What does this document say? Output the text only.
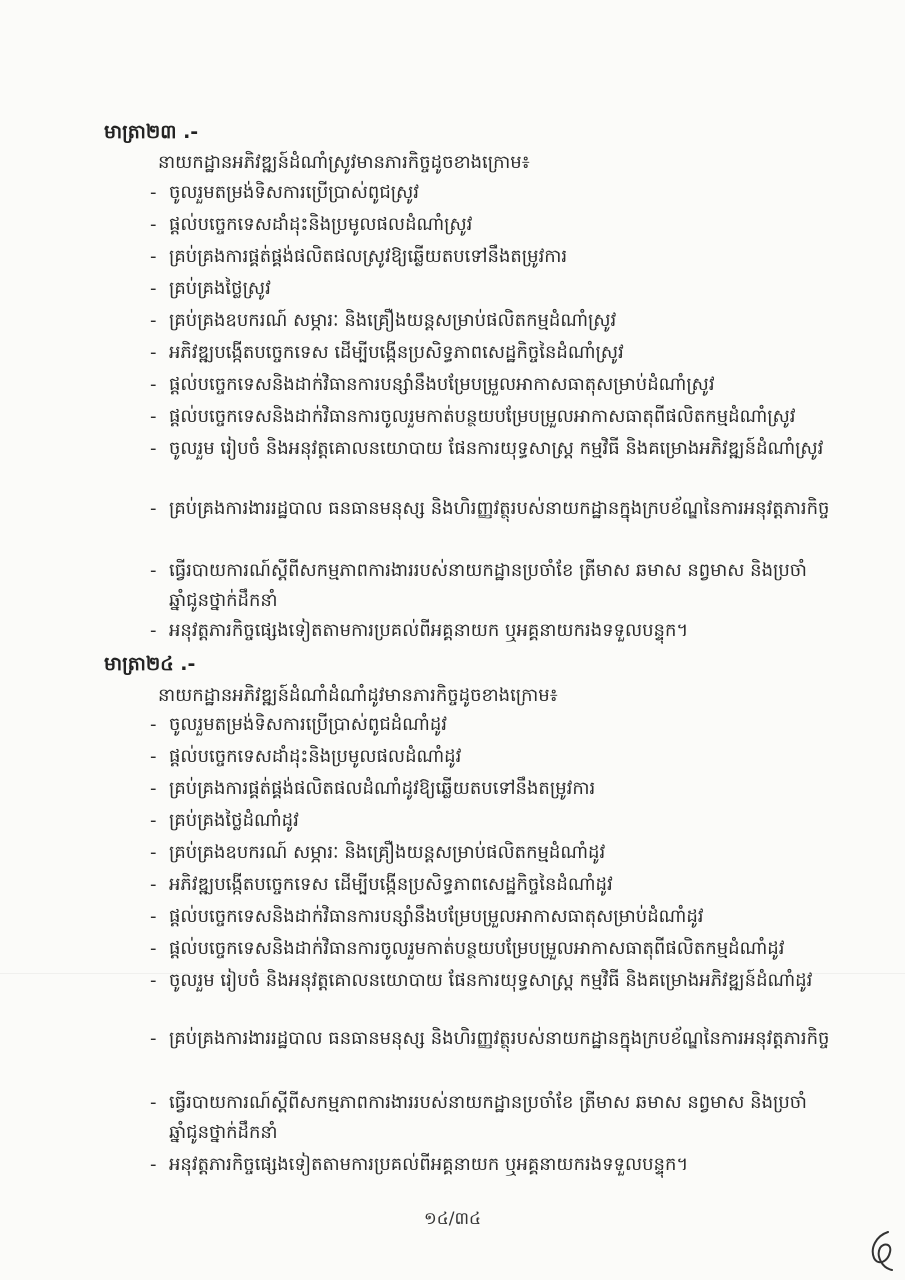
មាត្រា២៣ .-
នាយកដ្ឋានអភិវឌ្ឍន៍ដំណាំស្រូវមានភារកិច្ចដូចខាងក្រោម៖
- ចូលរួមតម្រង់ទិសការប្រើប្រាស់ពូជស្រូវ
- ផ្តល់បច្ចេកទេសដាំដុះនិងប្រមូលផលដំណាំស្រូវ
- គ្រប់គ្រងការផ្គត់ផ្គង់ផលិតផលស្រូវឱ្យឆ្លើយតបទៅនឹងតម្រូវការ
- គ្រប់គ្រងថ្លៃស្រូវ
- គ្រប់គ្រងឧបករណ៍ សម្ភារៈ និងគ្រឿងយន្តសម្រាប់ផលិតកម្មដំណាំស្រូវ
- អភិវឌ្ឍបង្កើតបច្ចេកទេស ដើម្បីបង្កើនប្រសិទ្ធភាពសេដ្ឋកិច្ចនៃដំណាំស្រូវ
- ផ្តល់បច្ចេកទេសនិងដាក់វិធានការបន្សាំនឹងបម្រែបម្រួលអាកាសធាតុសម្រាប់ដំណាំស្រូវ
- ផ្តល់បច្ចេកទេសនិងដាក់វិធានការចូលរួមកាត់បន្ថយបម្រែបម្រួលអាកាសធាតុពីផលិតកម្មដំណាំស្រូវ
- ចូលរួម រៀបចំ និងអនុវត្តគោលនយោបាយ ផែនការយុទ្ធសាស្ត្រ កម្មវិធី និងគម្រោងអភិវឌ្ឍន៍ដំណាំស្រូវ
- គ្រប់គ្រងការងាររដ្ឋបាល ធនធានមនុស្ស និងហិរញ្ញវត្ថុរបស់នាយកដ្ឋានក្នុងក្របខ័ណ្ឌនៃការអនុវត្តភារកិច្ច
- ធ្វើរបាយការណ៍ស្តីពីសកម្មភាពការងាររបស់នាយកដ្ឋានប្រចាំខែ ត្រីមាស ឆមាស នព្វមាស និងប្រចាំឆ្នាំជូនថ្នាក់ដឹកនាំ
- អនុវត្តភារកិច្ចផ្សេងទៀតតាមការប្រគល់ពីអគ្គនាយក ឬអគ្គនាយករងទទួលបន្ទុក។
មាត្រា២៤ .-
នាយកដ្ឋានអភិវឌ្ឍន៍ដំណាំដំណាំដូវមានភារកិច្ចដូចខាងក្រោម៖
- ចូលរួមតម្រង់ទិសការប្រើប្រាស់ពូជដំណាំដូវ
- ផ្តល់បច្ចេកទេសដាំដុះនិងប្រមូលផលដំណាំដូវ
- គ្រប់គ្រងការផ្គត់ផ្គង់ផលិតផលដំណាំដូវឱ្យឆ្លើយតបទៅនឹងតម្រូវការ
- គ្រប់គ្រងថ្លៃដំណាំដូវ
- គ្រប់គ្រងឧបករណ៍ សម្ភារៈ និងគ្រឿងយន្តសម្រាប់ផលិតកម្មដំណាំដូវ
- អភិវឌ្ឍបង្កើតបច្ចេកទេស ដើម្បីបង្កើនប្រសិទ្ធភាពសេដ្ឋកិច្ចនៃដំណាំដូវ
- ផ្តល់បច្ចេកទេសនិងដាក់វិធានការបន្សាំនឹងបម្រែបម្រួលអាកាសធាតុសម្រាប់ដំណាំដូវ
- ផ្តល់បច្ចេកទេសនិងដាក់វិធានការចូលរួមកាត់បន្ថយបម្រែបម្រួលអាកាសធាតុពីផលិតកម្មដំណាំដូវ
- ចូលរួម រៀបចំ និងអនុវត្តគោលនយោបាយ ផែនការយុទ្ធសាស្ត្រ កម្មវិធី និងគម្រោងអភិវឌ្ឍន៍ដំណាំដូវ
- គ្រប់គ្រងការងាររដ្ឋបាល ធនធានមនុស្ស និងហិរញ្ញវត្ថុរបស់នាយកដ្ឋានក្នុងក្របខ័ណ្ឌនៃការអនុវត្តភារកិច្ច
- ធ្វើរបាយការណ៍ស្តីពីសកម្មភាពការងាររបស់នាយកដ្ឋានប្រចាំខែ ត្រីមាស ឆមាស នព្វមាស និងប្រចាំឆ្នាំជូនថ្នាក់ដឹកនាំ
- អនុវត្តភារកិច្ចផ្សេងទៀតតាមការប្រគល់ពីអគ្គនាយក ឬអគ្គនាយករងទទួលបន្ទុក។
១៤/៣៤
